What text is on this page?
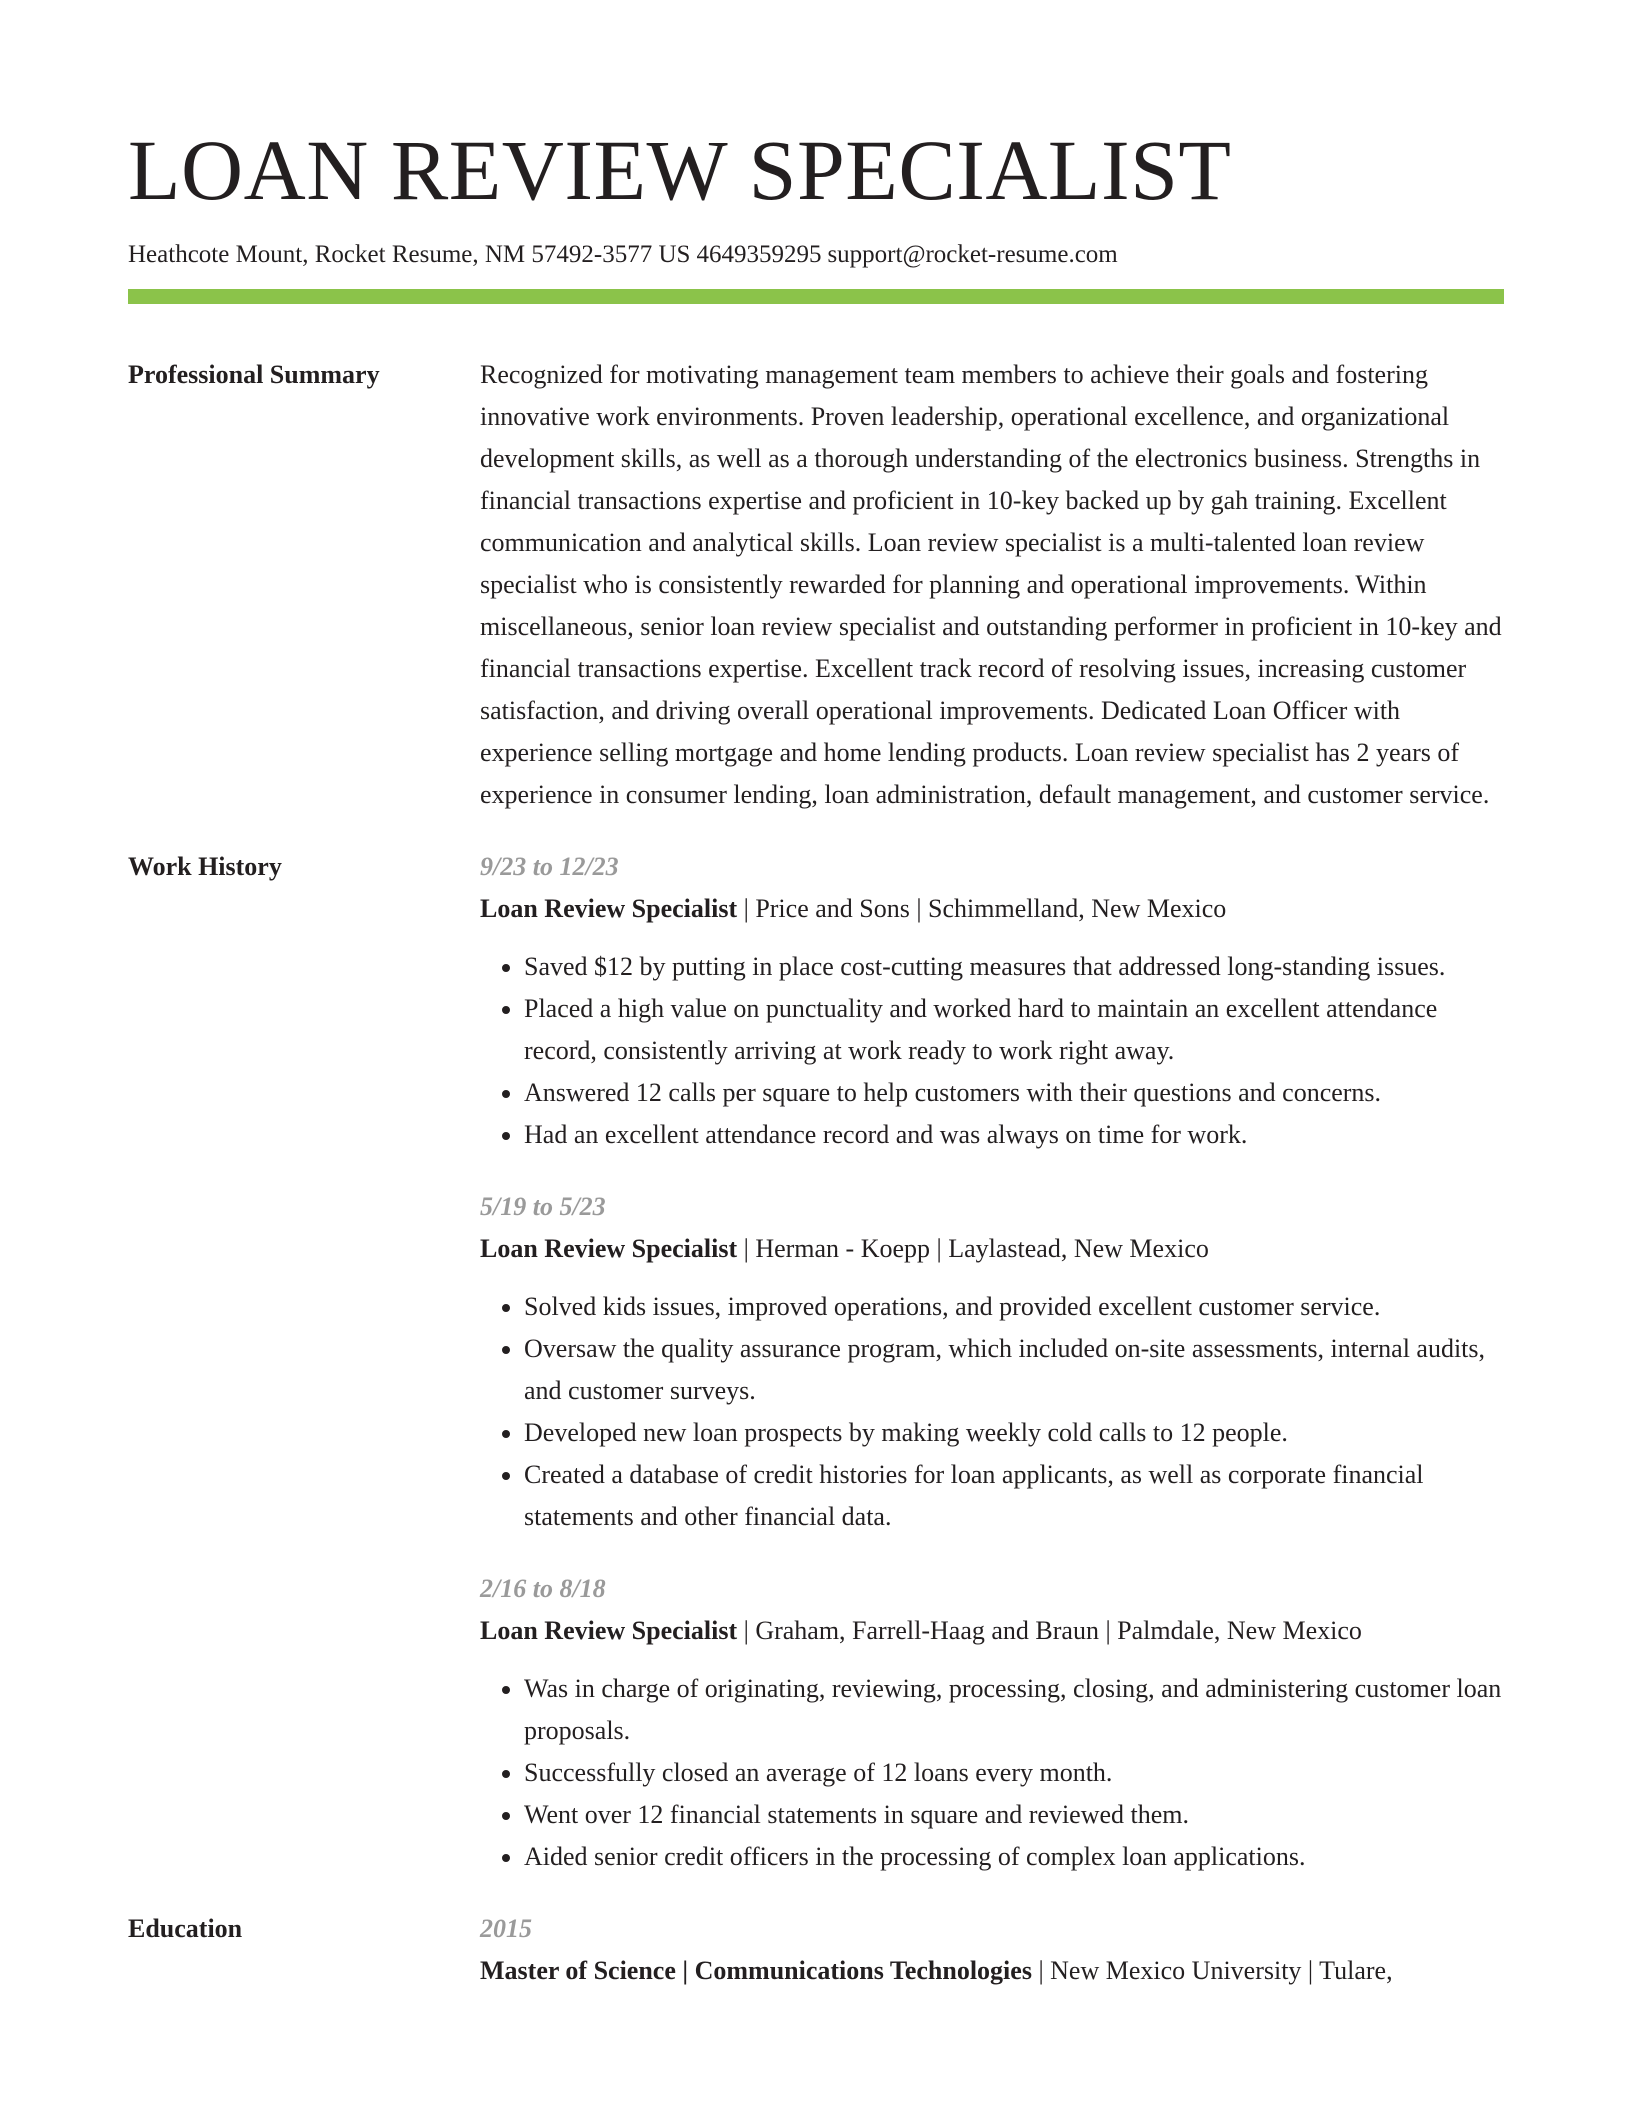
LOAN REVIEW SPECIALIST
Heathcote Mount, Rocket Resume, NM 57492-3577 US 4649359295 support@rocket-resume.com
Professional Summary	Recognized for motivating management team members to achieve their goals and fostering innovative work environments. Proven leadership, operational excellence, and organizational development skills, as well as a thorough understanding of the electronics business. Strengths in financial transactions expertise and proficient in 10-key backed up by gah training. Excellent communication and analytical skills. Loan review specialist is a multi-talented loan review specialist who is consistently rewarded for planning and operational improvements. Within miscellaneous, senior loan review specialist and outstanding performer in proficient in 10-key and financial transactions expertise. Excellent track record of resolving issues, increasing customer satisfaction, and driving overall operational improvements. Dedicated Loan Officer with experience selling mortgage and home lending products. Loan review specialist has 2 years of experience in consumer lending, loan administration, default management, and customer service.

Work History	9/23 to 12/23
Loan Review Specialist | Price and Sons | Schimmelland, New Mexico
• Saved $12 by putting in place cost-cutting measures that addressed long-standing issues.
• Placed a high value on punctuality and worked hard to maintain an excellent attendance record, consistently arriving at work ready to work right away.
• Answered 12 calls per square to help customers with their questions and concerns.
• Had an excellent attendance record and was always on time for work.
5/19 to 5/23
Loan Review Specialist | Herman - Koepp | Laylastead, New Mexico
• Solved kids issues, improved operations, and provided excellent customer service.
• Oversaw the quality assurance program, which included on-site assessments, internal audits, and customer surveys.
• Developed new loan prospects by making weekly cold calls to 12 people.
• Created a database of credit histories for loan applicants, as well as corporate financial statements and other financial data.
2/16 to 8/18
Loan Review Specialist | Graham, Farrell-Haag and Braun | Palmdale, New Mexico
• Was in charge of originating, reviewing, processing, closing, and administering customer loan proposals.
• Successfully closed an average of 12 loans every month.
• Went over 12 financial statements in square and reviewed them.
• Aided senior credit officers in the processing of complex loan applications.
Education	2015
Master of Science | Communications Technologies | New Mexico University | Tulare,
